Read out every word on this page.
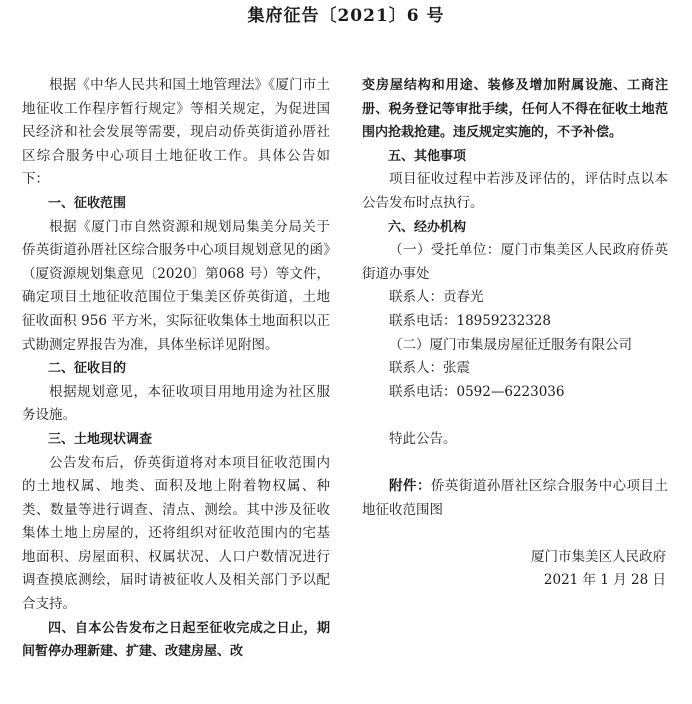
集府征告〔2021〕6 号

根据《中华人民共和国土地管理法》《厦门市土地征收工作程序暂行规定》等相关规定，为促进国民经济和社会发展等需要，现启动侨英街道孙厝社区综合服务中心项目土地征收工作。具体公告如下：

一、征收范围

根据《厦门市自然资源和规划局集美分局关于侨英街道孙厝社区综合服务中心项目规划意见的函》（厦资源规划集意见〔2020〕第068 号）等文件，确定项目土地征收范围位于集美区侨英街道，土地征收面积 956 平方米，实际征收集体土地面积以正式勘测定界报告为准，具体坐标详见附图。

二、征收目的

根据规划意见，本征收项目用地用途为社区服务设施。

三、土地现状调查

公告发布后，侨英街道将对本项目征收范围内的土地权属、地类、面积及地上附着物权属、种类、数量等进行调查、清点、测绘。其中涉及征收集体土地上房屋的，还将组织对征收范围内的宅基地面积、房屋面积、权属状况、人口户数情况进行调查摸底测绘，届时请被征收人及相关部门予以配合支持。

四、自本公告发布之日起至征收完成之日止，期间暂停办理新建、扩建、改建房屋、改

变房屋结构和用途、装修及增加附属设施、工商注册、税务登记等审批手续，任何人不得在征收土地范围内抢栽抢建。违反规定实施的，不予补偿。

五、其他事项

项目征收过程中若涉及评估的，评估时点以本公告发布时点执行。

六、经办机构

（一）受托单位：厦门市集美区人民政府侨英街道办事处

联系人：贡春光

联系电话：18959232328

（二）厦门市集晟房屋征迁服务有限公司

联系人：张震

联系电话：0592—6223036

特此公告。

附件：侨英街道孙厝社区综合服务中心项目土地征收范围图

厦门市集美区人民政府

2021 年 1 月 28 日
